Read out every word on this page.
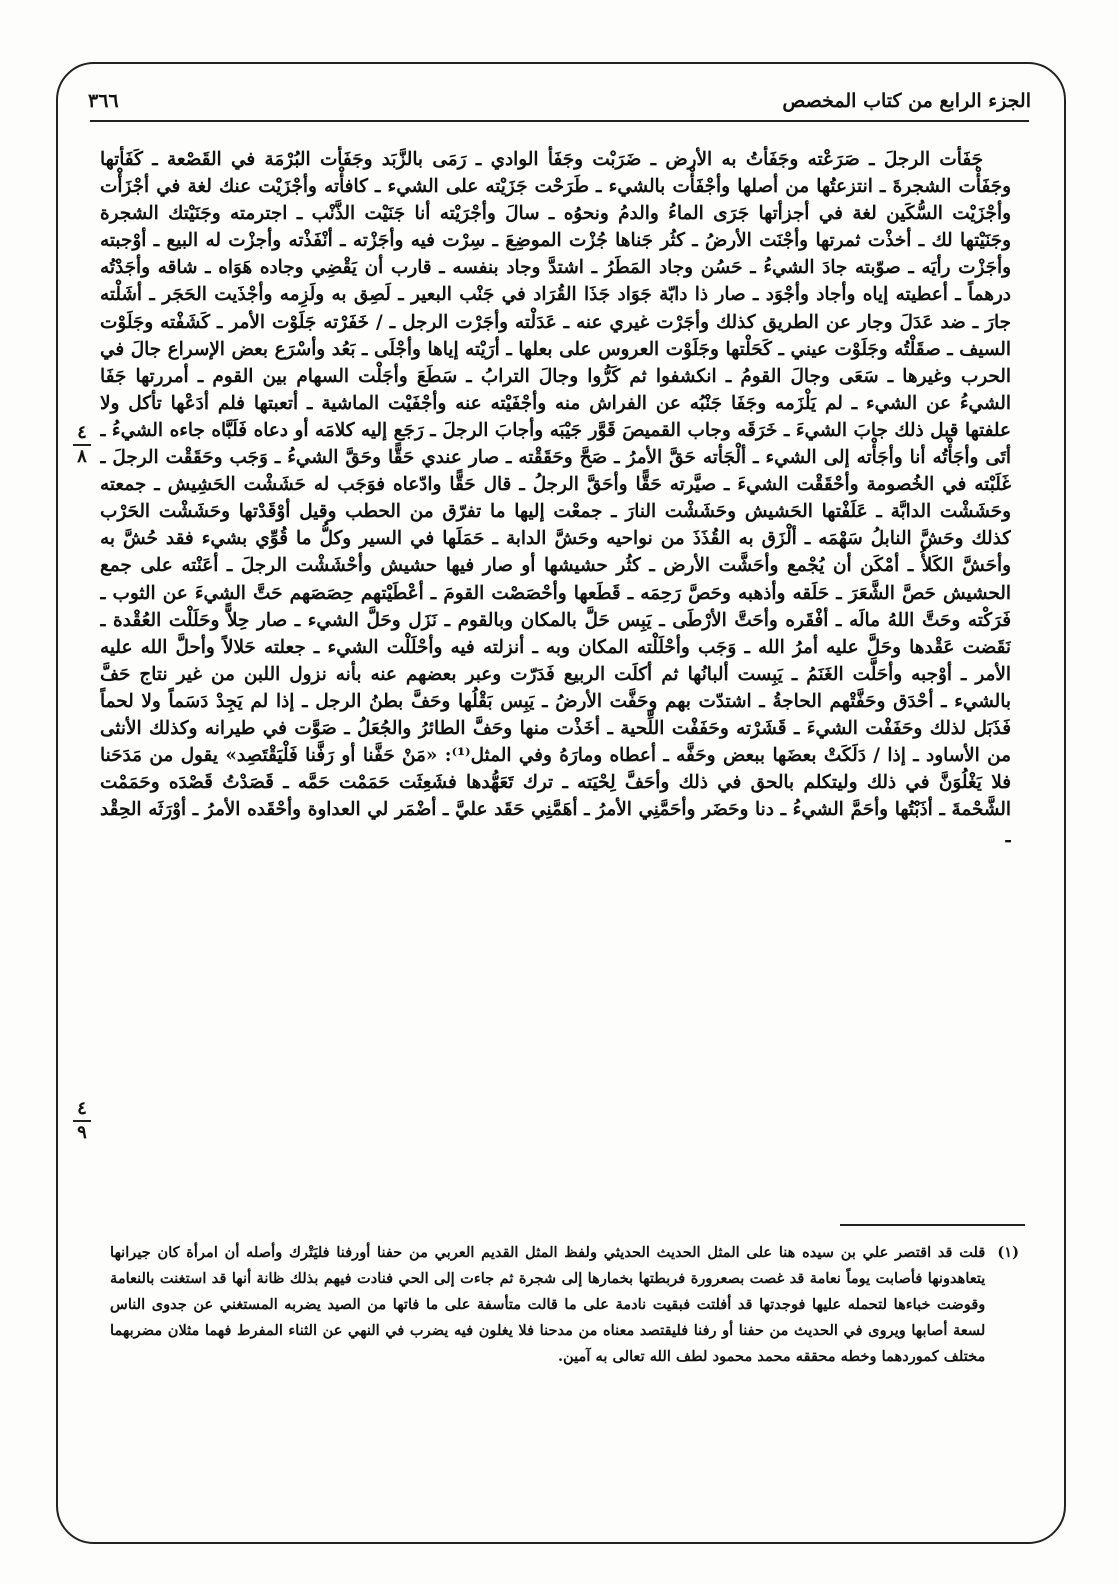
الجزء الرابع من كتاب المخصص
٣٦٦
٤
٨
٤
٩

جَفَأْت الرجلَ ـ صَرَعْته وجَفَأْتُ به الأرض ـ ضَرَبْت وجَفَأ الوادي ـ رَمَى بالزَّبَد وجَفَأْت البُرْمَة في القَصْعة ـ كَفَأْتها وجَفَأْت الشجرةَ ـ انتزعتُها من أصلها وأجْفَأْت بالشيء ـ طَرَحْت جَزَيْته على الشيء ـ كافأْته وأجْزَيْت عنك لغة في أجْزَأْت وأجْزَيْت السُّكَين لغة في أجزأتها جَرَى الماءُ والدمُ ونحوُه ـ سالَ وأجْرَيْته أنا جَنَيْت الذَّنْب ـ اجترمته وجَنَيْتك الشجرة وجَنَيْتها لك ـ أخذْت ثمرتها وأجْنَت الأرضُ ـ كثُر جَناها جُزْت الموضِعَ ـ سِرْت فيه وأجَزْته ـ أنْفَذْته وأجزْت له البيع ـ أوْجبته وأجَزْت رأيَه ـ صوّبته جادَ الشيءُ ـ حَسُن وجاد المَطَرُ ـ اشتدَّ وجاد بنفسه ـ قارب أن يَقْضِي وجاده هَوَاه ـ شاقه وأجَدْتُه درهماً ـ أعطيته إياه وأجاد وأجْوَد ـ صار ذا دابّة جَوَاد جَذَا القُرَاد في جَنْب البعير ـ لَصِق به ولَزِمه وأجْذَيت الحَجَر ـ أشَلْته جارَ ـ ضد عَدَلَ وجار عن الطريق كذلك وأجَرْت غيري عنه ـ عَدَلْته وأجَرْت الرجل ـ / خَفَرْته جَلَوْت الأمر ـ كَشَفْته وجَلَوْت السيف ـ صقَلْتُه وجَلَوْت عيني ـ كَحَلْتها وجَلَوْت العروس على بعلها ـ أرَيْته إياها وأجْلَى ـ بَعُد وأسْرَع بعض الإسراع جالَ في الحرب وغيرها ـ سَعَى وجالَ القومُ ـ انكشفوا ثم كَرُّوا وجالَ الترابُ ـ سَطَعَ وأجَلْت السهام بين القوم ـ أمررتها جَفَا الشيءُ عن الشيء ـ لم يَلْزَمه وجَفَا جَنْبُه عن الفراش منه وأجْفَيْته عنه وأجْفَيْت الماشية ـ أتعبتها فلم أدَعْها تأكل ولا علفتها قبل ذلك جابَ الشيءَ ـ خَرَقَه وجاب القميصَ قَوَّر جَيْبَه وأجابَ الرجلَ ـ رَجَع إليه كلامَه أو دعاه فَلَبَّاه جاءه الشيءُ ـ أتَى وأجَأْتُه أنا وأجَأْته إلى الشيء ـ ألْجَأته حَقَّ الأمرُ ـ صَحَّ وحَقَقْته ـ صار عندي حَقًّا وحَقَّ الشيءُ ـ وَجَب وحَقَقْت الرجلَ ـ غَلَبْته في الخُصومة وأحْقَقْت الشيءَ ـ صيَّرته حَقًّا وأحَقَّ الرجلُ ـ قال حَقًّا وادّعاه فوَجَب له حَشَشْت الحَشِيش ـ جمعته وحَشَشْت الدابَّة ـ عَلَفْتها الحَشيش وحَشَشْت النارَ ـ جمعْت إليها ما تفرّق من الحطب وقيل أوْقَدْتها وحَشَشْت الحَرْب كذلك وحَشَّ النابلُ سَهْمَه ـ ألْزَق به القُذَذَ من نواحيه وحَشَّ الدابة ـ حَمَلَها في السير وكلُّ ما قُوِّي بشيء فقد حُشَّ به وأحَشَّ الكَلأُ ـ أمْكَن أن يُجْمع وأحَشَّت الأرض ـ كثُر حشيشها أو صار فيها حشيش وأحْشَشْت الرجلَ ـ أعَنْته على جمع الحشيش حَصَّ الشَّعَرَ ـ حَلَقه وأذهبه وحَصَّ رَحِمَه ـ قَطَعها وأحْصَصْت القومَ ـ أعْطَيْتهم حِصَصَهم حَتَّ الشيءَ عن الثوب ـ فَرَكْته وحَتَّ اللهُ مالَه ـ أفْقَره وأحَتَّ الأرْطَى ـ يَبِس حَلَّ بالمكان وبالقوم ـ نَزَل وحَلَّ الشيء ـ صار حِلاًّ وحَلَلْت العُقْدة ـ نَقَضت عَقْدها وحَلَّ عليه أمرُ الله ـ وَجَب وأحْلَلْته المكان وبه ـ أنزلته فيه وأحْلَلْت الشيء ـ جعلته حَلالاً وأحلَّ الله عليه الأمر ـ أوْجبه وأحَلَّت الغَنَمُ ـ يَبِست ألبانُها ثم أكلَت الربيع فَدَرّت وعبر بعضهم عنه بأنه نزول اللبن من غير نتاج حَفَّ بالشيء ـ أحْدَق وحَفَّتْهم الحاجةُ ـ اشتدّت بهم وحَفَّت الأرضُ ـ يَبِس بَقْلُها وحَفَّ بطنُ الرجل ـ إذا لم يَجِدْ دَسَماً ولا لحماً فَذَبَل لذلك وحَفَفْت الشيءَ ـ قَشَرْته وحَفَفْت اللِّحية ـ أخَذْت منها وحَفَّ الطائرُ والجُعَلُ ـ صَوَّت في طيرانه وكذلك الأنثى من الأساود ـ إذا / دَلَكَتْ بعضَها ببعض وحَفَّه ـ أعطاه ومارَهُ وفي المثل⁽¹⁾: «مَنْ حَفَّنا أو رَفَّنا فَلْيَقْتَصِد» يقول من مَدَحَنا فلا يَغْلُوَنَّ في ذلك وليتكلم بالحق في ذلك وأحَفَّ لِحْيَته ـ ترك تَعَهُّدها فشَعِثَت حَمَمْت حَمَّه ـ قَصَدْتُ قَصْدَه وحَمَمْت الشَّحْمةَ ـ أذَبْتُها وأحَمَّ الشيءُ ـ دنا وحَضَر وأحَمَّنِي الأمرُ ـ أهَمَّنِي حَقَد عليَّ ـ أضْمَر لي العداوة وأحْقَده الأمرُ ـ أوْرَثَه الحِقْد ـ

(١)
قلت قد اقتصر علي بن سيده هنا على المثل الحديث الحديثي ولفظ المثل القديم العربي من حفنا أورفنا فليَتْرك وأصله أن امرأة كان جيرانها يتعاهدونها فأصابت يوماً نعامة قد غصت بصعرورة فربطتها بخمارها إلى شجرة ثم جاءت إلى الحي فنادت فيهم بذلك ظانة أنها قد استغنت بالنعامة وقوضت خباءها لتحمله عليها فوجدتها قد أفلتت فبقيت نادمة على ما قالت متأسفة على ما فاتها من الصيد يضربه المستغني عن جدوى الناس لسعة أصابها ويروى في الحديث من حفنا أو رفنا فليقتصد معناه من مدحنا فلا يغلون فيه يضرب في النهي عن الثناء المفرط فهما مثلان مضربهما مختلف كموردهما وخطه محققه محمد محمود لطف الله تعالى به آمين.
